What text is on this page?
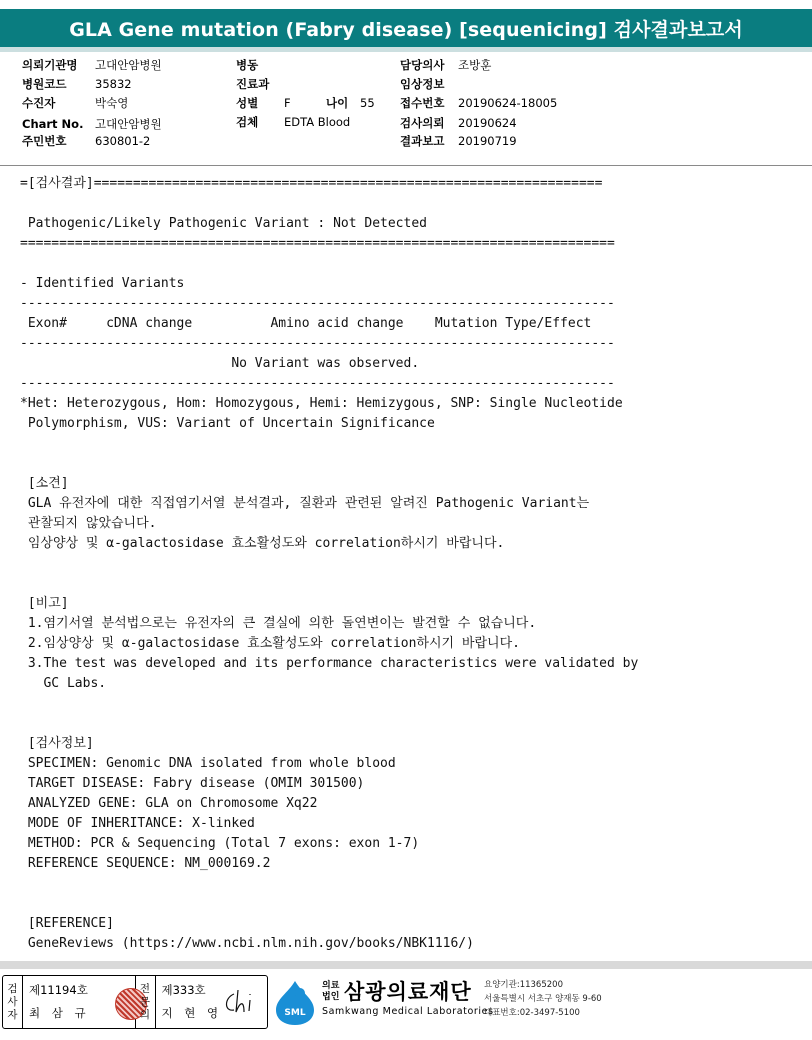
GLA Gene mutation (Fabry disease) [sequenicing] 검사결과보고서
의뢰기관명	고대안암병원
병원코드	35832
수진자	박숙영
Chart No.	고대안암병원
주민번호	630801-2
병동
진료과
성별	F	나이	55
검체	EDTA Blood
담당의사	조방훈
임상정보
접수번호	20190624-18005
검사의뢰	20190624
결과보고	20190719
=[검사결과]=================================================================
Pathogenic/Likely Pathogenic Variant : Not Detected
============================================================================
- Identified Variants
----------------------------------------------------------------------------
Exon#     cDNA change          Amino acid change    Mutation Type/Effect
----------------------------------------------------------------------------
No Variant was observed.
----------------------------------------------------------------------------
*Het: Heterozygous, Hom: Homozygous, Hemi: Hemizygous, SNP: Single Nucleotide
Polymorphism, VUS: Variant of Uncertain Significance
[소견]
GLA 유전자에 대한 직접염기서열 분석결과, 질환과 관련된 알려진 Pathogenic Variant는
관찰되지 않았습니다.
임상양상 및 α-galactosidase 효소활성도와 correlation하시기 바랍니다.
[비고]
1.염기서열 분석법으로는 유전자의 큰 결실에 의한 돌연변이는 발견할 수 없습니다.
2.임상양상 및 α-galactosidase 효소활성도와 correlation하시기 바랍니다.
3.The test was developed and its performance characteristics were validated by
GC Labs.
[검사정보]
SPECIMEN: Genomic DNA isolated from whole blood
TARGET DISEASE: Fabry disease (OMIM 301500)
ANALYZED GENE: GLA on Chromosome Xq22
MODE OF INHERITANCE: X-linked
METHOD: PCR & Sequencing (Total 7 exons: exon 1-7)
REFERENCE SEQUENCE: NM_000169.2
[REFERENCE]
GeneReviews (https://www.ncbi.nlm.nih.gov/books/NBK1116/)
검사자
제11194호
최 삼 규
전문의
제333호
지 현 영	SML
의료법인 삼광의료재단
Samkwang Medical Laboratories
요양기관:11365200
서울특별시 서초구 양재동 9-60
대표번호:02-3497-5100
